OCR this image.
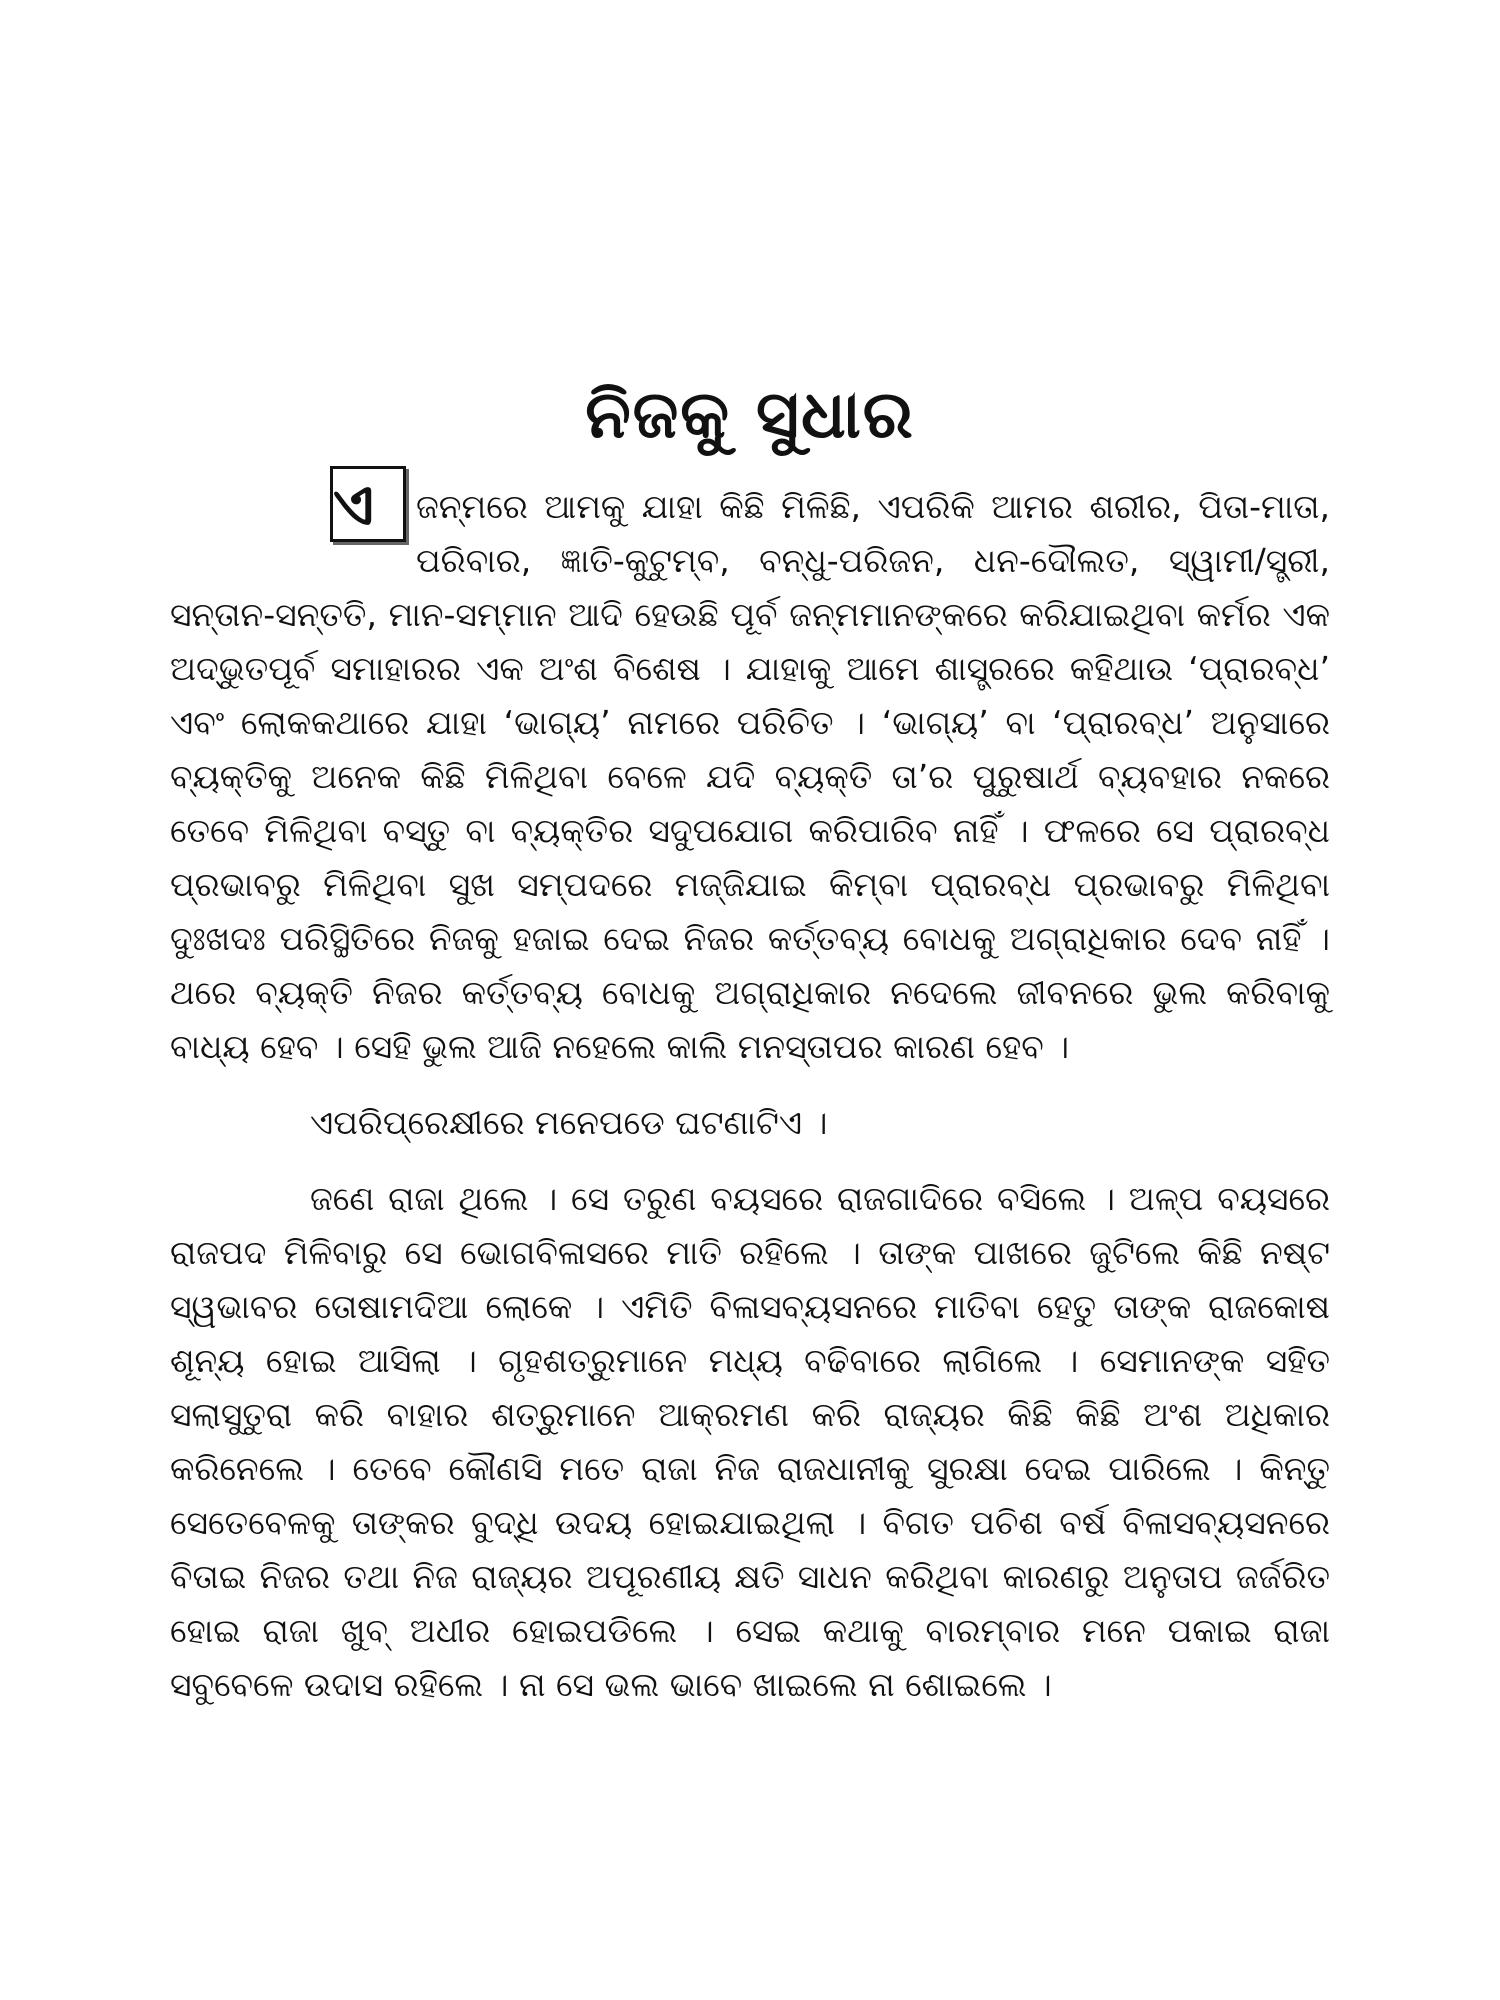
ନିଜକୁ ସୁଧାର

ଏ	ଜନ୍ମରେ ଆମକୁ ଯାହା କିଛି ମିଳିଛି, ଏପରିକି ଆମର ଶରୀର, ପିତା-ମାତା, ପରିବାର, ଜ୍ଞାତି-କୁଟୁମ୍ବ, ବନ୍ଧୁ-ପରିଜନ, ଧନ-ଦୌଲତ, ସ୍ୱାମୀ/ସ୍ତ୍ରୀ, ସନ୍ତାନ-ସନ୍ତତି, ମାନ-ସମ୍ମାନ ଆଦି ହେଉଛି ପୂର୍ବ ଜନ୍ମମାନଙ୍କରେ କରିଯାଇଥିବା କର୍ମର ଏକ ଅଦ୍ଭୁତପୂର୍ବ ସମାହାରର ଏକ ଅଂଶ ବିଶେଷ । ଯାହାକୁ ଆମେ ଶାସ୍ତ୍ରରେ କହିଥାଉ ‘ପ୍ରାରବ୍ଧ’ ଏବଂ ଲୋକକଥାରେ ଯାହା ‘ଭାଗ୍ୟ’ ନାମରେ ପରିଚିତ । ‘ଭାଗ୍ୟ’ ବା ‘ପ୍ରାରବ୍ଧ’ ଅନୁସାରେ ବ୍ୟକ୍ତିକୁ ଅନେକ କିଛି ମିଳିଥିବା ବେଳେ ଯଦି ବ୍ୟକ୍ତି ତା’ର ପୁରୁଷାର୍ଥ ବ୍ୟବହାର ନକରେ ତେବେ ମିଳିଥିବା ବସ୍ତୁ ବା ବ୍ୟକ୍ତିର ସଦୁପଯୋଗ କରିପାରିବ ନାହିଁ । ଫଳରେ ସେ ପ୍ରାରବ୍ଧ ପ୍ରଭାବରୁ ମିଳିଥିବା ସୁଖ ସମ୍ପଦରେ ମଜ୍ଜିଯାଇ କିମ୍ବା ପ୍ରାରବ୍ଧ ପ୍ରଭାବରୁ ମିଳିଥିବା ଦୁଃଖଦଃ ପରିସ୍ଥିତିରେ ନିଜକୁ ହଜାଇ ଦେଇ ନିଜର କର୍ତ୍ତବ୍ୟ ବୋଧକୁ ଅଗ୍ରାଧିକାର ଦେବ ନାହିଁ । ଥରେ ବ୍ୟକ୍ତି ନିଜର କର୍ତ୍ତବ୍ୟ ବୋଧକୁ ଅଗ୍ରାଧିକାର ନଦେଲେ ଜୀବନରେ ଭୁଲ କରିବାକୁ ବାଧ୍ୟ ହେବ । ସେହି ଭୁଲ ଆଜି ନହେଲେ କାଲି ମନସ୍ତାପର କାରଣ ହେବ ।

ଏପରିପ୍ରେକ୍ଷୀରେ ମନେପଡେ ଘଟଣାଟିଏ ।

ଜଣେ ରାଜା ଥିଲେ । ସେ ତରୁଣ ବୟସରେ ରାଜଗାଦିରେ ବସିଲେ । ଅଳ୍ପ ବୟସରେ ରାଜପଦ ମିଳିବାରୁ ସେ ଭୋଗବିଳାସରେ ମାତି ରହିଲେ । ତାଙ୍କ ପାଖରେ ଜୁଟିଲେ କିଛି ନଷ୍ଟ ସ୍ୱଭାବର ତୋଷାମଦିଆ ଲୋକେ । ଏମିତି ବିଳାସବ୍ୟସନରେ ମାତିବା ହେତୁ ତାଙ୍କ ରାଜକୋଷ ଶୂନ୍ୟ ହୋଇ ଆସିଲା । ଗୃହଶତ୍ରୁମାନେ ମଧ୍ୟ ବଢିବାରେ ଲାଗିଲେ । ସେମାନଙ୍କ ସହିତ ସଲାସୁତୁରା କରି ବାହାର ଶତ୍ରୁମାନେ ଆକ୍ରମଣ କରି ରାଜ୍ୟର କିଛି କିଛି ଅଂଶ ଅଧିକାର କରିନେଲେ । ତେବେ କୌଣସି ମତେ ରାଜା ନିଜ ରାଜଧାନୀକୁ ସୁରକ୍ଷା ଦେଇ ପାରିଲେ । କିନ୍ତୁ ସେତେବେଳକୁ ତାଙ୍କର ବୁଦ୍ଧି ଉଦୟ ହୋଇଯାଇଥିଲା । ବିଗତ ପଚିଶ ବର୍ଷ ବିଳାସବ୍ୟସନରେ ବିତାଇ ନିଜର ତଥା ନିଜ ରାଜ୍ୟର ଅପୂରଣୀୟ କ୍ଷତି ସାଧନ କରିଥିବା କାରଣରୁ ଅନୁତାପ ଜର୍ଜରିତ ହୋଇ ରାଜା ଖୁବ୍ ଅଧୀର ହୋଇପଡିଲେ । ସେଇ କଥାକୁ ବାରମ୍ବାର ମନେ ପକାଇ ରାଜା ସବୁବେଳେ ଉଦାସ ରହିଲେ । ନା ସେ ଭଲ ଭାବେ ଖାଇଲେ ନା ଶୋଇଲେ ।
